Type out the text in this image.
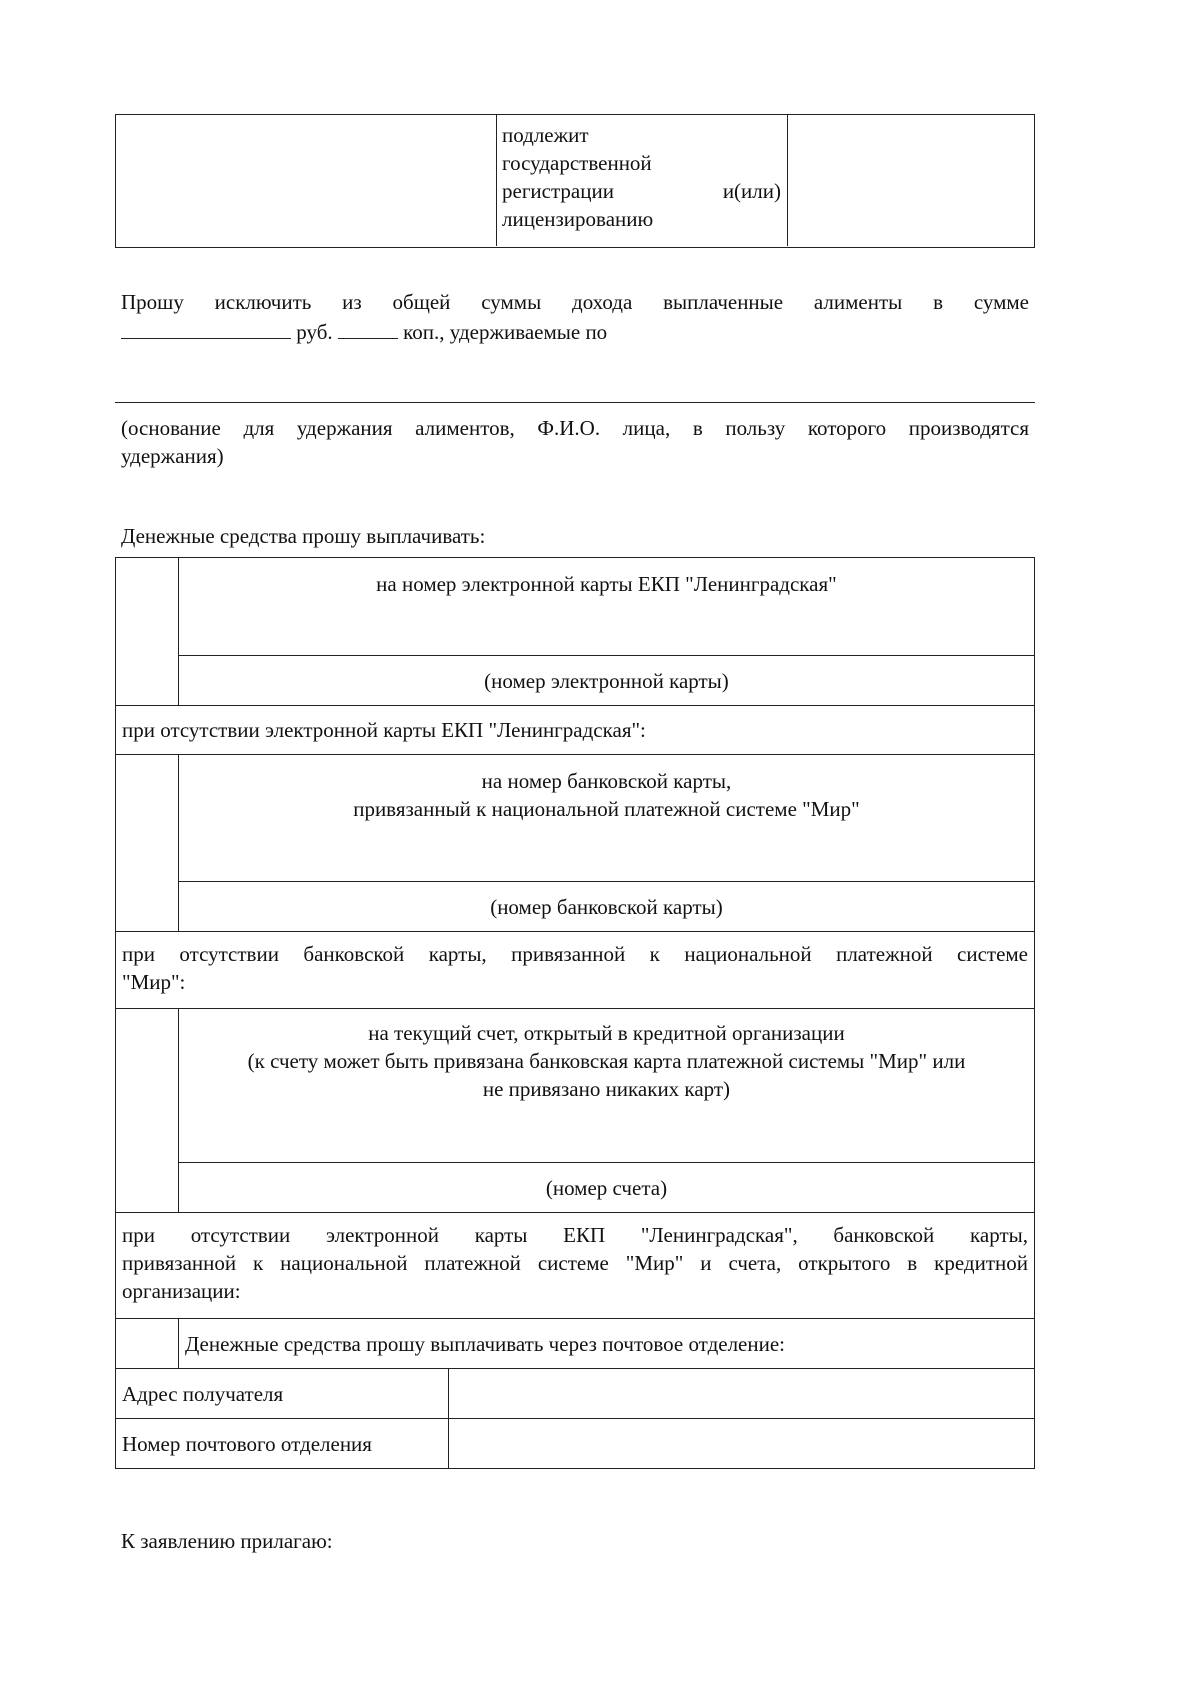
подлежит
государственной
регистрации	и(или)
лицензированию
Прошу исключить из общей суммы дохода выплаченные алименты в сумме
руб.	коп., удерживаемые по
(основание для удержания алиментов, Ф.И.О. лица, в пользу которого производятся
удержания)
Денежные средства прошу выплачивать:
	на номер электронной карты ЕКП "Ленинградская"	
	(номер электронной карты)	
при отсутствии электронной карты ЕКП "Ленинградская":		

	на номер банковской карты,
привязанный к национальной платежной системе "Мир"	

	(номер банковской карты)	

при отсутствии банковской карты, привязанной к национальной платежной системе
"Мир":		

	на текущий счет, открытый в кредитной организации
(к счету может быть привязана банковская карта платежной системы "Мир" или
не привязано никаких карт)	

	(номер счета)	

при отсутствии электронной карты ЕКП "Ленинградская", банковской карты,
привязанной к национальной платежной системе "Мир" и счета, открытого в кредитной
организации:		

	Денежные средства прошу выплачивать через почтовое отделение:	
Адрес получателя		
Номер почтового отделения		
К заявлению прилагаю:
